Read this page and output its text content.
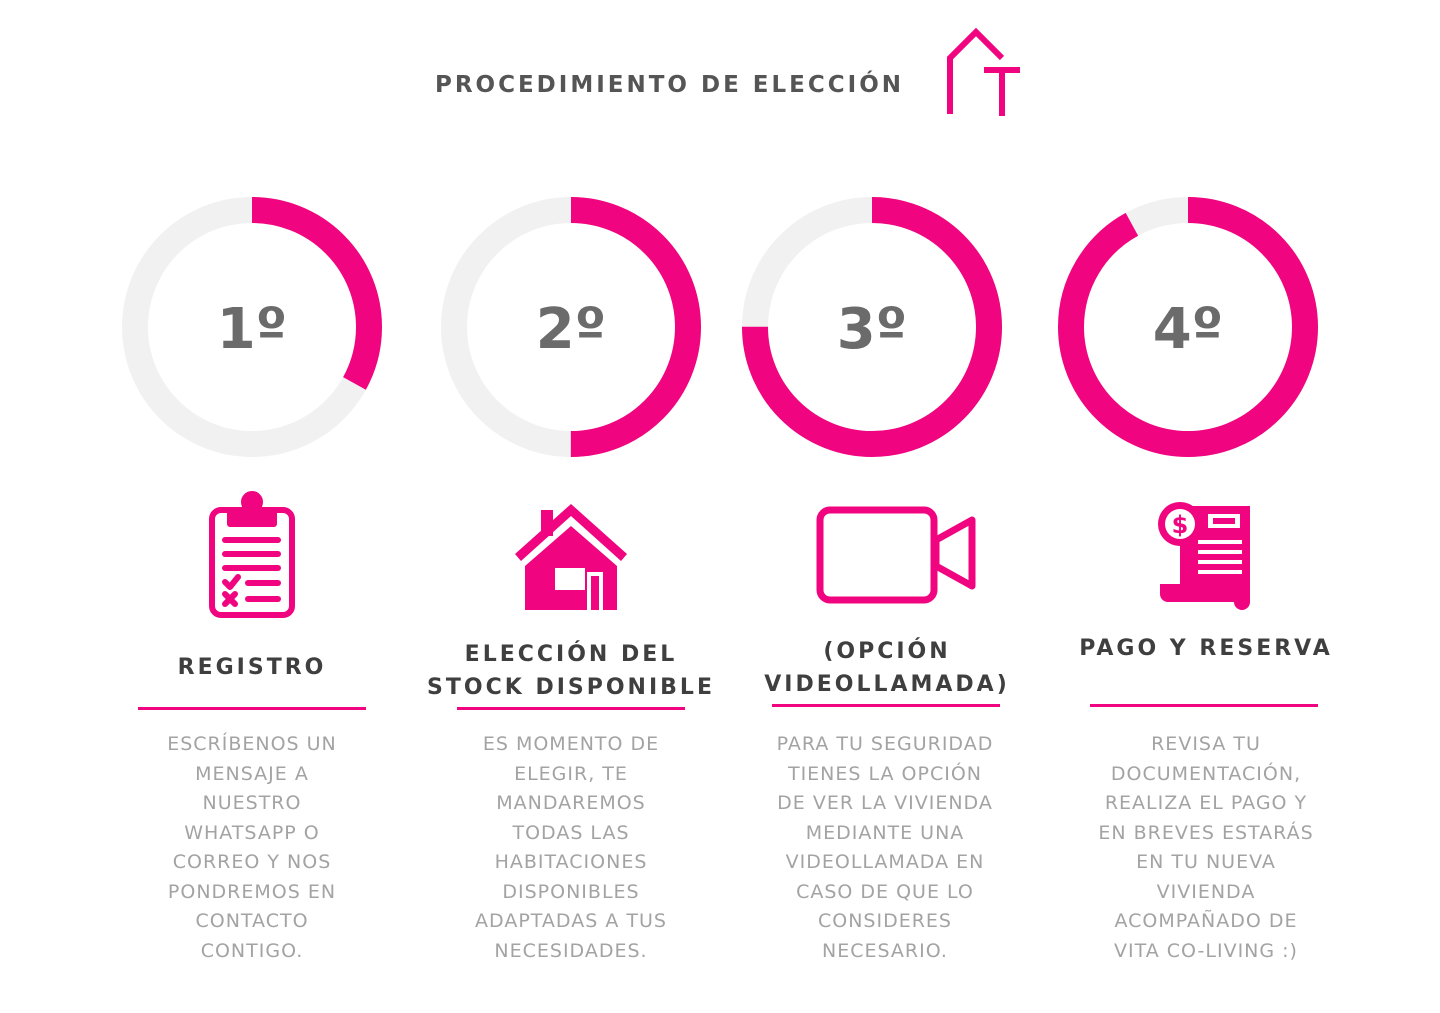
PROCEDIMIENTO DE ELECCIÓN
1º
REGISTRO
ESCRÍBENOS UN MENSAJE A NUESTRO WHATSAPP O CORREO Y NOS PONDREMOS EN CONTACTO CONTIGO.
2º
ELECCIÓN DEL STOCK DISPONIBLE
ES MOMENTO DE ELEGIR, TE MANDAREMOS TODAS LAS HABITACIONES DISPONIBLES ADAPTADAS A TUS NECESIDADES.
3º
(OPCIÓN VIDEOLLAMADA)
PARA TU SEGURIDAD TIENES LA OPCIÓN DE VER LA VIVIENDA MEDIANTE UNA VIDEOLLAMADA EN CASO DE QUE LO CONSIDERES NECESARIO.
4º
$
PAGO Y RESERVA
REVISA TU DOCUMENTACIÓN, REALIZA EL PAGO Y EN BREVES ESTARÁS EN TU NUEVA VIVIENDA ACOMPAÑADO DE VITA CO-LIVING :)
